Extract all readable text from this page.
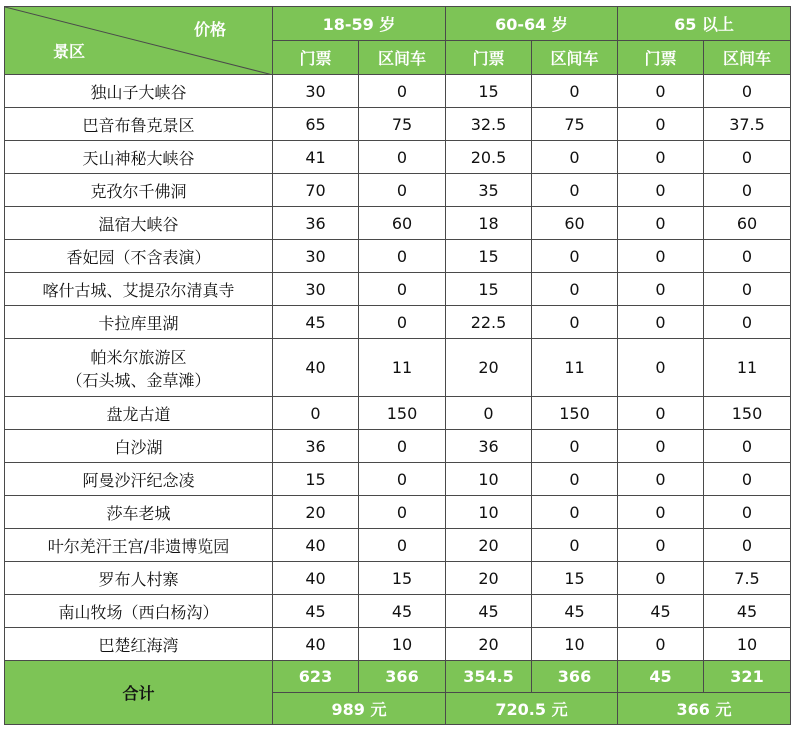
景区
价格	18-59 岁		60-64 岁		65 以上	
	门票	区间车	门票	区间车	门票	区间车

独山子大峡谷	30	0	15	0	0	0

巴音布鲁克景区	65	75	32.5	75	0	37.5

天山神秘大峡谷	41	0	20.5	0	0	0

克孜尔千佛洞	70	0	35	0	0	0

温宿大峡谷	36	60	18	60	0	60

香妃园（不含表演）	30	0	15	0	0	0

喀什古城、艾提尕尔清真寺	30	0	15	0	0	0

卡拉库里湖	45	0	22.5	0	0	0

帕米尔旅游区
（石头城、金草滩）	40	11	20	11	0	11

盘龙古道	0	150	0	150	0	150

白沙湖	36	0	36	0	0	0

阿曼沙汗纪念凌	15	0	10	0	0	0

莎车老城	20	0	10	0	0	0

叶尔羌汗王宫/非遗博览园	40	0	20	0	0	0

罗布人村寨	40	15	20	15	0	7.5

南山牧场（西白杨沟）	45	45	45	45	45	45

巴楚红海湾	40	10	20	10	0	10
合计	623	366	354.5	366	45	321
	989 元		720.5 元		366 元	
